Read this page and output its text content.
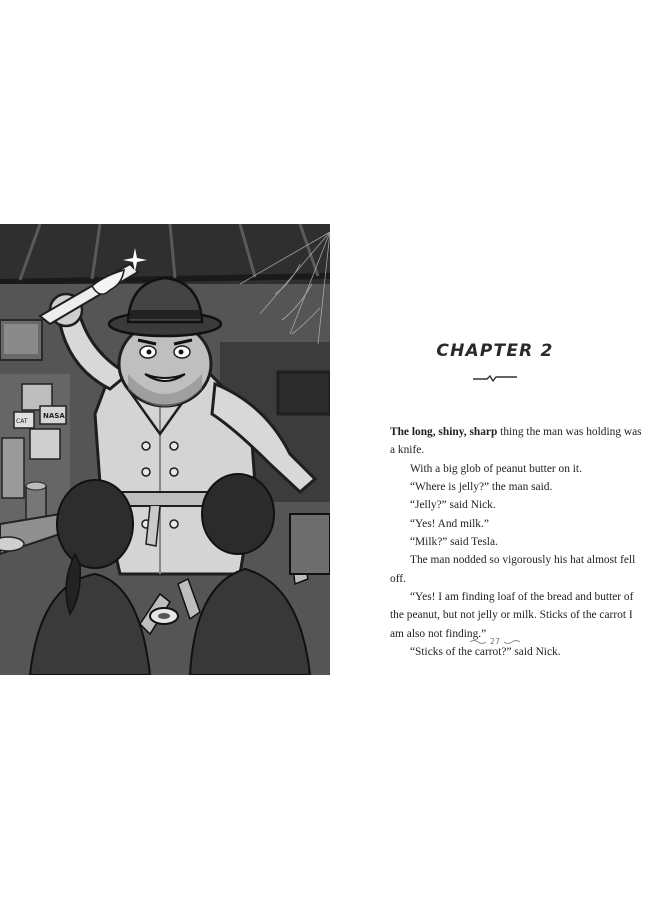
NASA
CAT
CHAPTER 2

The long, shiny, sharp thing the man was holding was a knife.

With a big glob of peanut butter on it.

“Where is jelly?” the man said.

“Jelly?” said Nick.

“Yes! And milk.”

“Milk?” said Tesla.

The man nodded so vigorously his hat almost fell off.

“Yes! I am finding loaf of the bread and butter of the peanut, but not jelly or milk. Sticks of the carrot I am also not finding.”

“Sticks of the carrot?” said Nick.

27
